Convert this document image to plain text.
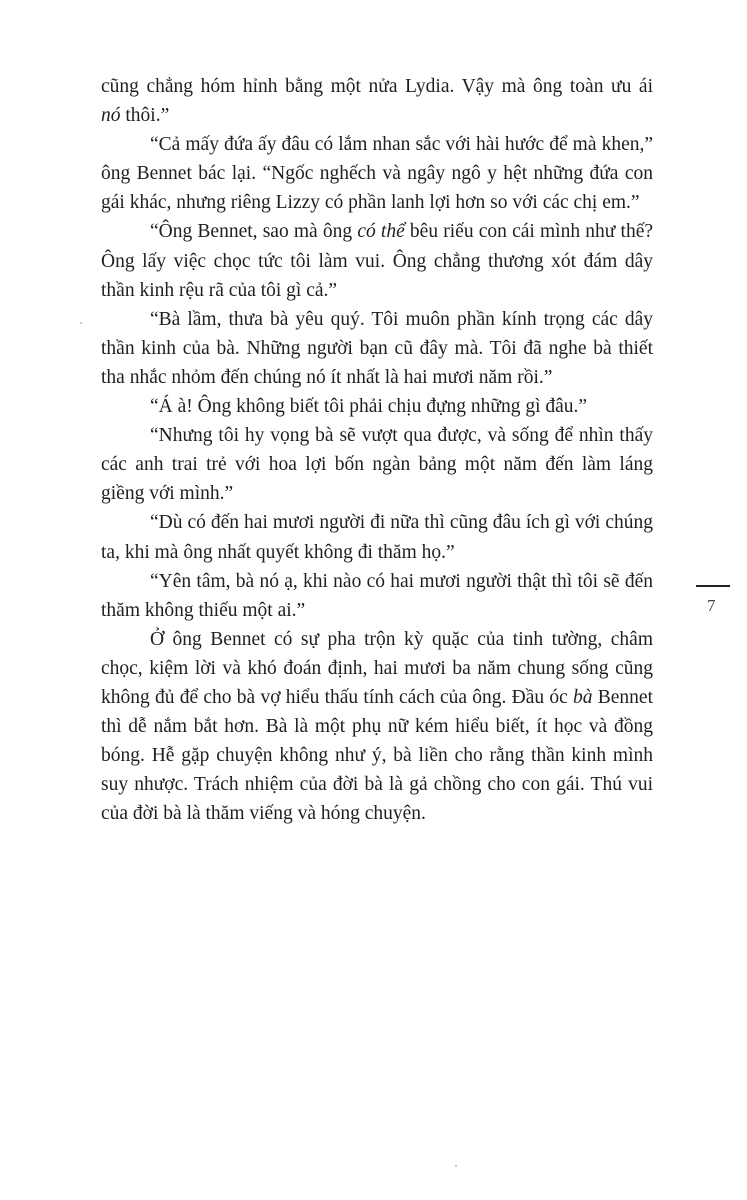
cũng chẳng hóm hỉnh bằng một nửa Lydia. Vậy mà ông toàn ưu ái
nó thôi.”
“Cả mấy đứa ấy đâu có lắm nhan sắc với hài hước để mà khen,”
ông Bennet bác lại. “Ngốc nghếch và ngây ngô y hệt những đứa con
gái khác, nhưng riêng Lizzy có phần lanh lợi hơn so với các chị em.”
“Ông Bennet, sao mà ông có thể bêu riếu con cái mình như thế?
Ông lấy việc chọc tức tôi làm vui. Ông chẳng thương xót đám dây
thần kinh rệu rã của tôi gì cả.”
“Bà lầm, thưa bà yêu quý. Tôi muôn phần kính trọng các dây
thần kinh của bà. Những người bạn cũ đây mà. Tôi đã nghe bà thiết
tha nhắc nhỏm đến chúng nó ít nhất là hai mươi năm rồi.”
“Á à! Ông không biết tôi phải chịu đựng những gì đâu.”
“Nhưng tôi hy vọng bà sẽ vượt qua được, và sống để nhìn thấy
các anh trai trẻ với hoa lợi bốn ngàn bảng một năm đến làm láng
giềng với mình.”
“Dù có đến hai mươi người đi nữa thì cũng đâu ích gì với chúng
ta, khi mà ông nhất quyết không đi thăm họ.”
“Yên tâm, bà nó ạ, khi nào có hai mươi người thật thì tôi sẽ đến
thăm không thiếu một ai.”
Ở ông Bennet có sự pha trộn kỳ quặc của tinh tường, châm
chọc, kiệm lời và khó đoán định, hai mươi ba năm chung sống cũng
không đủ để cho bà vợ hiểu thấu tính cách của ông. Đầu óc bà Bennet
thì dễ nắm bắt hơn. Bà là một phụ nữ kém hiểu biết, ít học và đồng
bóng. Hễ gặp chuyện không như ý, bà liền cho rằng thần kinh mình
suy nhược. Trách nhiệm của đời bà là gả chồng cho con gái. Thú vui
của đời bà là thăm viếng và hóng chuyện.
7
